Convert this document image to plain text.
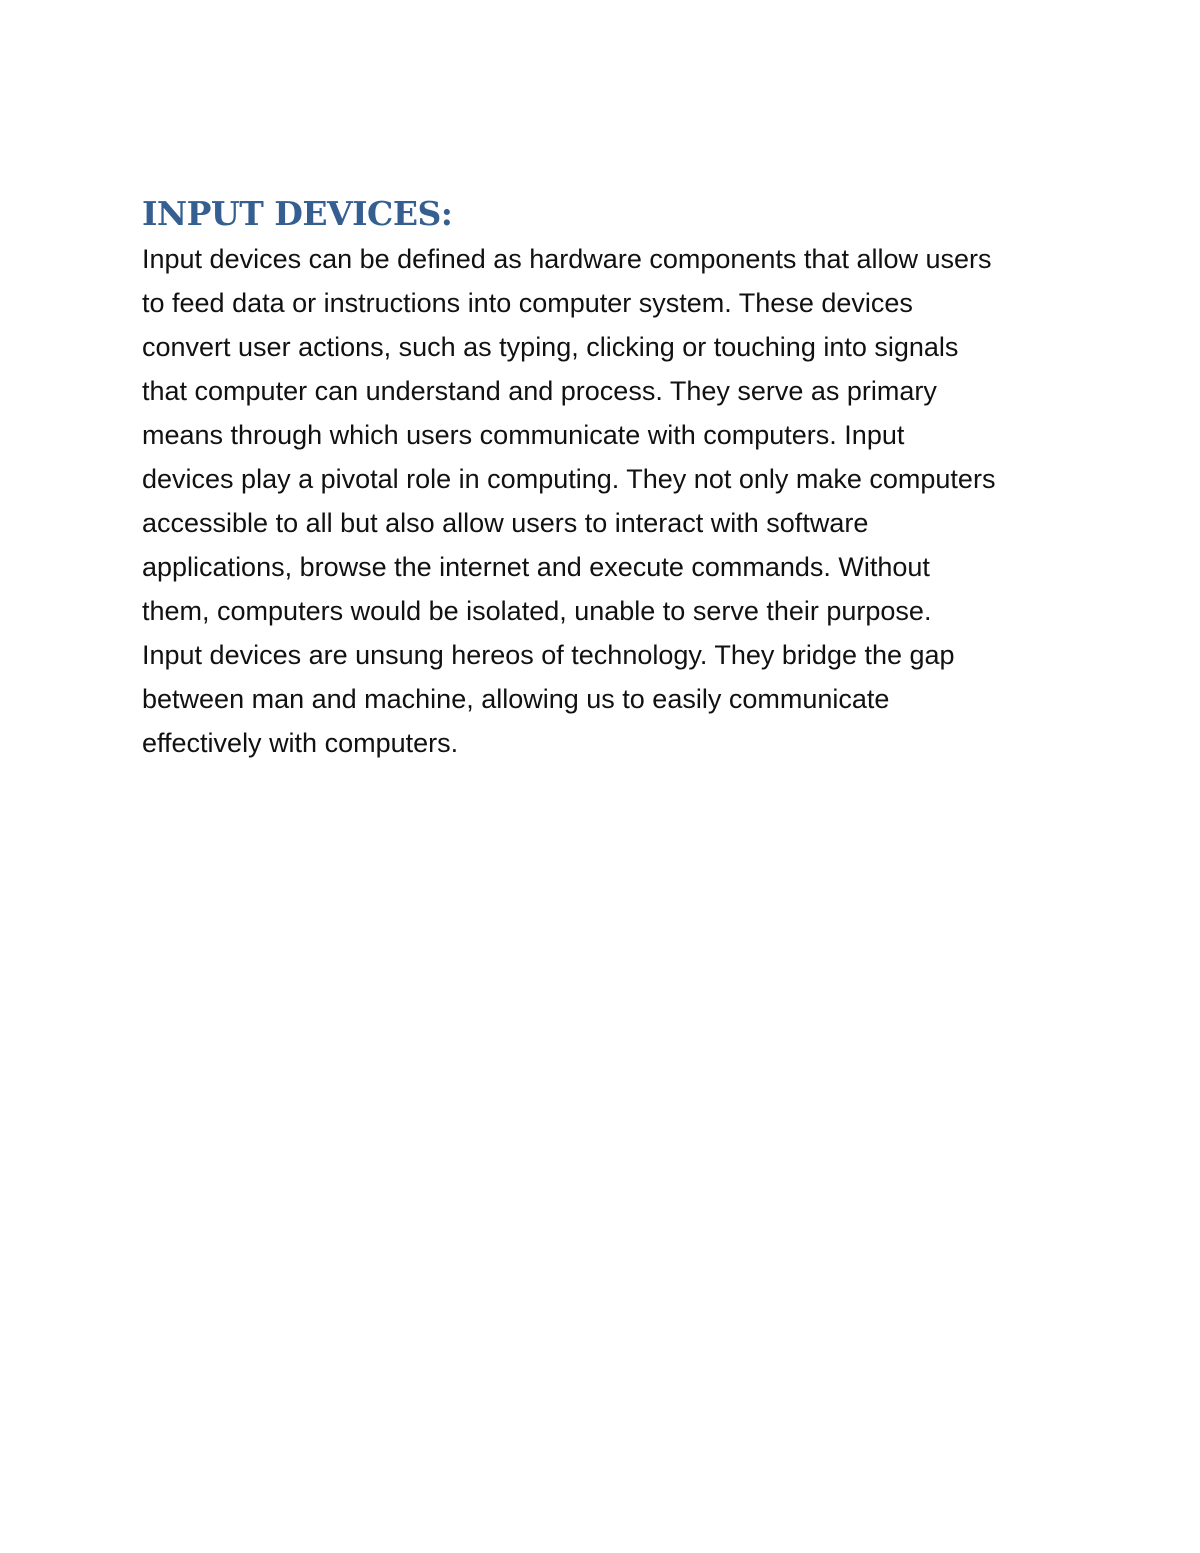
INPUT DEVICES:

Input devices can be defined as hardware components that allow users
to feed data or instructions into computer system. These devices
convert user actions, such as typing, clicking or touching into signals
that computer can understand and process. They serve as primary
means through which users communicate with computers. Input
devices play a pivotal role in computing. They not only make computers
accessible to all but also allow users to interact with software
applications, browse the internet and execute commands. Without
them, computers would be isolated, unable to serve their purpose.
Input devices are unsung hereos of technology. They bridge the gap
between man and machine, allowing us to easily communicate
effectively with computers.
